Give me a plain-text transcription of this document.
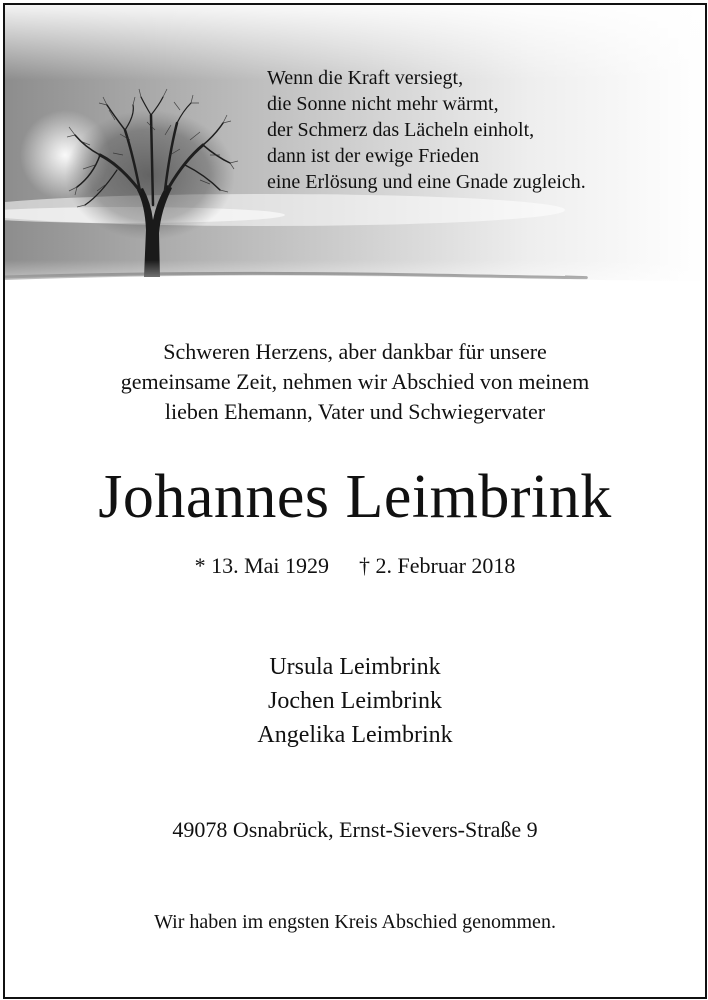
Wenn die Kraft versiegt,
die Sonne nicht mehr wärmt,
der Schmerz das Lächeln einholt,
dann ist der ewige Frieden
eine Erlösung und eine Gnade zugleich.
Schweren Herzens, aber dankbar für unsere
gemeinsame Zeit, nehmen wir Abschied von meinem
lieben Ehemann, Vater und Schwiegervater
Johannes Leimbrink
* 13. Mai 1929 † 2. Februar 2018
Ursula Leimbrink
Jochen Leimbrink
Angelika Leimbrink
49078 Osnabrück, Ernst-Sievers-Straße 9
Wir haben im engsten Kreis Abschied genommen.
